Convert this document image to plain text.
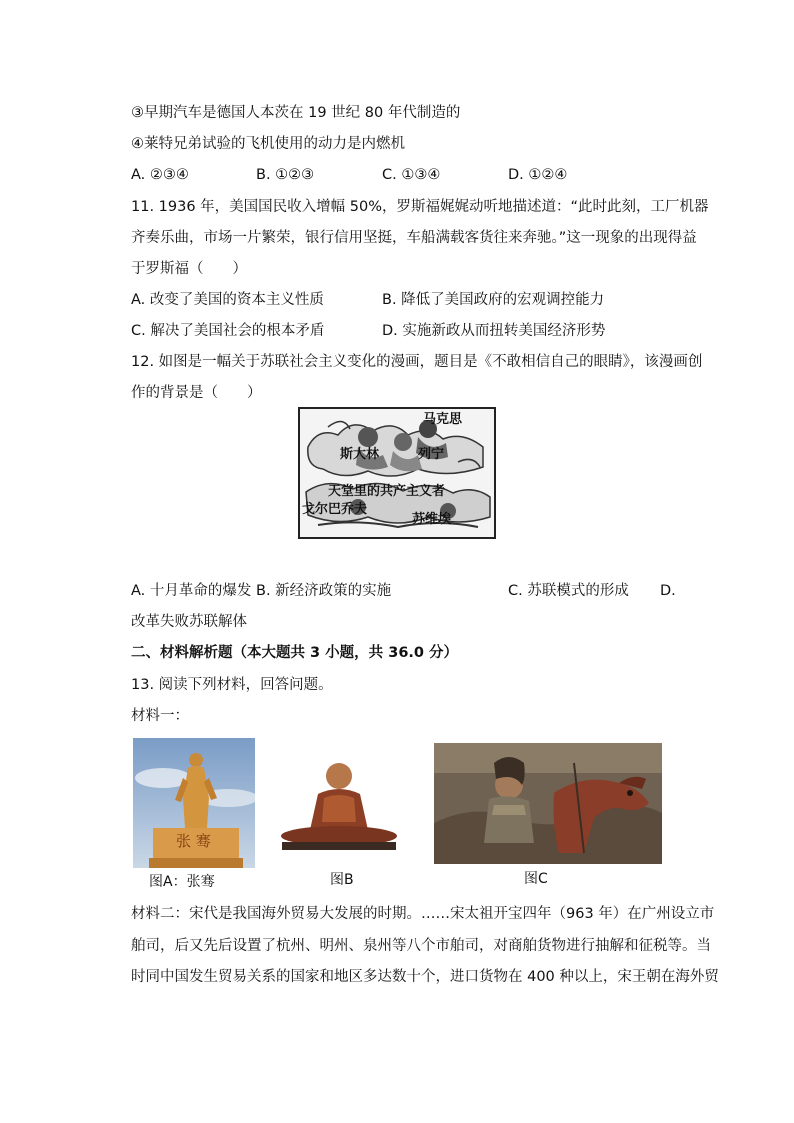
③早期汽车是德国人本茨在 19 世纪 80 年代制造的
④莱特兄弟试验的飞机使用的动力是内燃机
A. ②③④	B. ①②③	C. ①③④	D. ①②④
11. 1936 年，美国国民收入增幅 50%，罗斯福娓娓动听地描述道：“此时此刻，工厂机器
齐奏乐曲，市场一片繁荣，银行信用坚挺，车船满载客货往来奔驰。”这一现象的出现得益
于罗斯福（　　）
A. 改变了美国的资本主义性质	B. 降低了美国政府的宏观调控能力
C. 解决了美国社会的根本矛盾	D. 实施新政从而扭转美国经济形势
12. 如图是一幅关于苏联社会主义变化的漫画，题目是《不敢相信自己的眼睛》，该漫画创
作的背景是（　　）
马克思
斯大林	列宁
天堂里的共产主义者
戈尔巴乔夫
苏维埃
A. 十月革命的爆发 B. 新经济政策的实施	C. 苏联模式的形成 D.
改革失败苏联解体
二、材料解析题（本大题共 3 小题，共 36.0 分）
13. 阅读下列材料，回答问题。
材料一：
张 骞
图A：张骞	图B	图C
材料二：宋代是我国海外贸易大发展的时期。……宋太祖开宝四年（963 年）在广州设立市
舶司，后又先后设置了杭州、明州、泉州等八个市舶司，对商舶货物进行抽解和征税等。当
时同中国发生贸易关系的国家和地区多达数十个，进口货物在 400 种以上，宋王朝在海外贸
